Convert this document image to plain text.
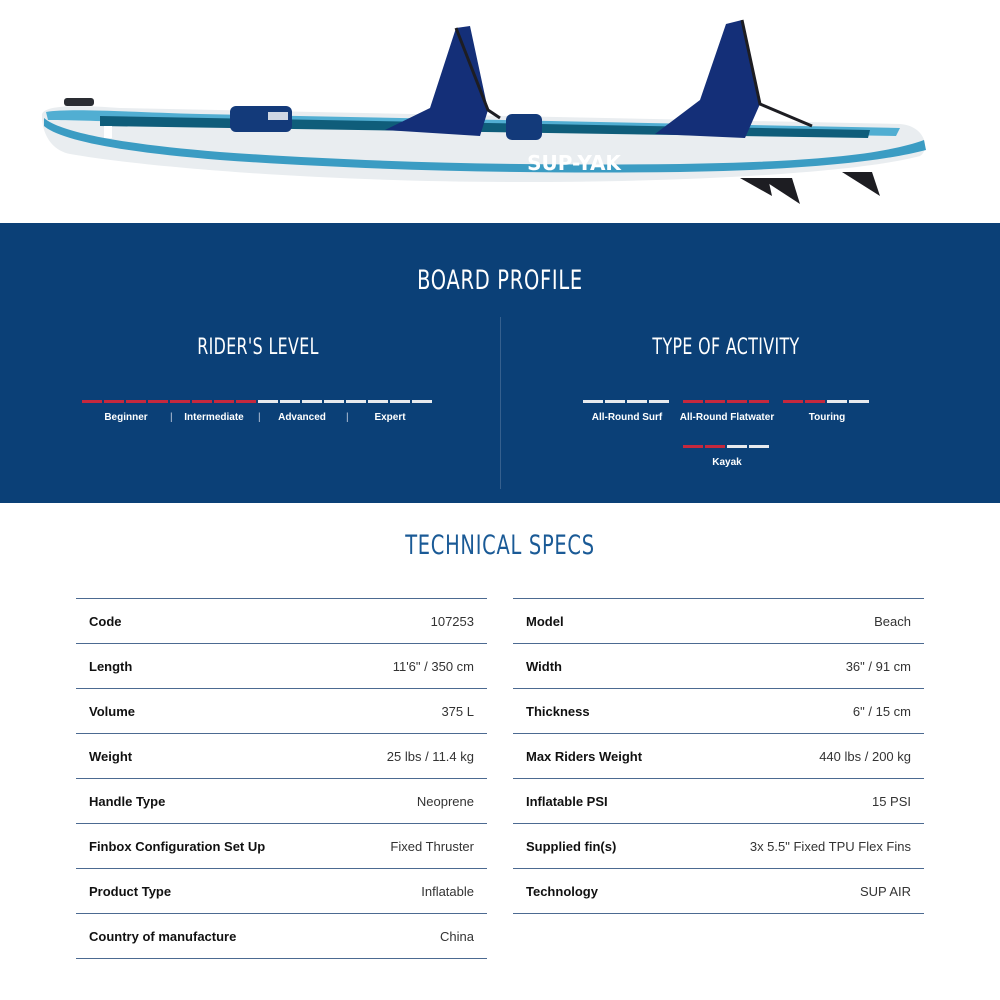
SUP-YAK
BOARD PROFILE
RIDER'S LEVEL
Beginner	|	Intermediate	|	Advanced	|	Expert
TYPE OF ACTIVITY
All-Round Surf	All-Round Flatwater	Touring
Kayak
TECHNICAL SPECS
Code	107253
Length	11'6" / 350 cm
Volume	375 L
Weight	25 lbs / 11.4 kg
Handle Type	Neoprene
Finbox Configuration Set Up	Fixed Thruster
Product Type	Inflatable
Country of manufacture	China
Model	Beach
Width	36" / 91 cm
Thickness	6" / 15 cm
Max Riders Weight	440 lbs / 200 kg
Inflatable PSI	15 PSI
Supplied fin(s)	3x 5.5" Fixed TPU Flex Fins
Technology	SUP AIR
